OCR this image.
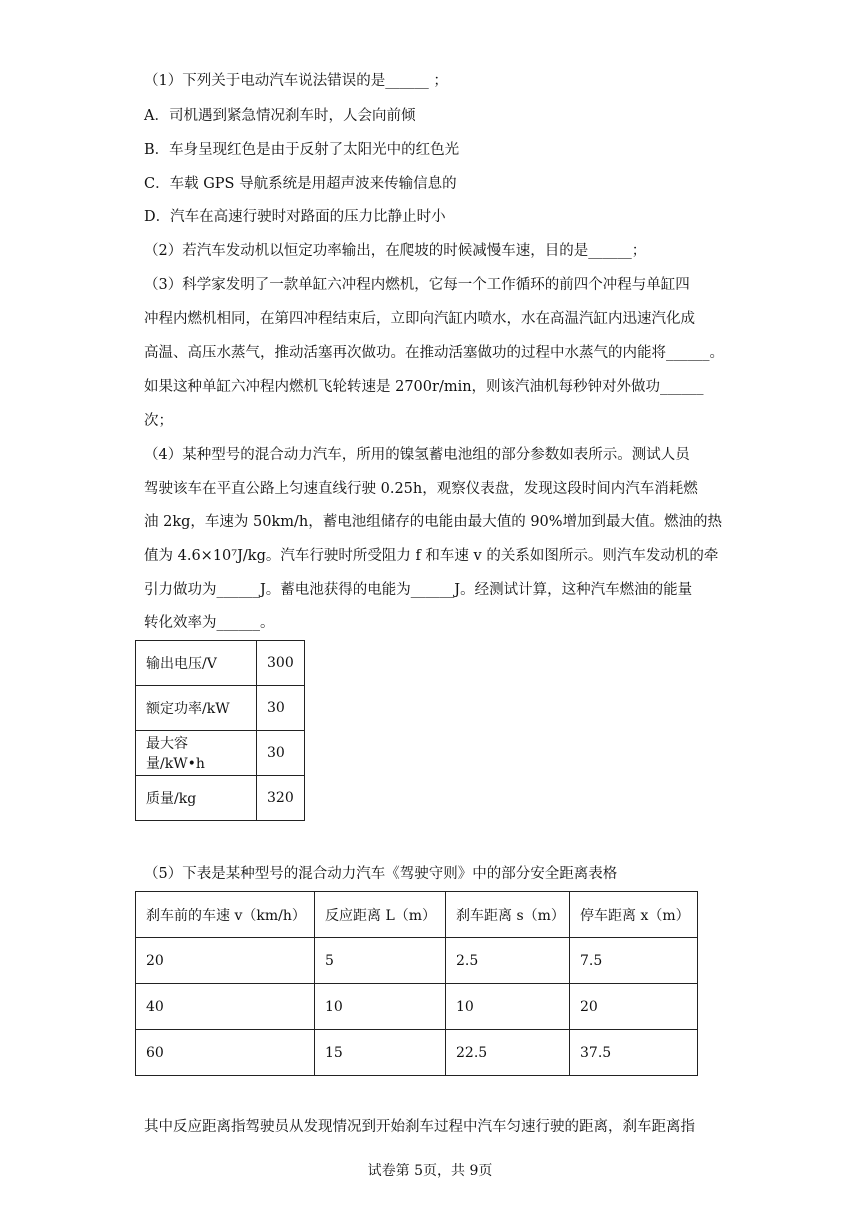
（1）下列关于电动汽车说法错误的是______ ；
A．司机遇到紧急情况刹车时，人会向前倾
B．车身呈现红色是由于反射了太阳光中的红色光
C．车载 GPS 导航系统是用超声波来传输信息的
D．汽车在高速行驶时对路面的压力比静止时小
（2）若汽车发动机以恒定功率输出，在爬坡的时候减慢车速，目的是______；
（3）科学家发明了一款单缸六冲程内燃机，它每一个工作循环的前四个冲程与单缸四
冲程内燃机相同，在第四冲程结束后，立即向汽缸内喷水，水在高温汽缸内迅速汽化成
高温、高压水蒸气，推动活塞再次做功。在推动活塞做功的过程中水蒸气的内能将______。
如果这种单缸六冲程内燃机飞轮转速是 2700r/min，则该汽油机每秒钟对外做功______
次；
（4）某种型号的混合动力汽车，所用的镍氢蓄电池组的部分参数如表所示。测试人员
驾驶该车在平直公路上匀速直线行驶 0.25h，观察仪表盘，发现这段时间内汽车消耗燃
油 2kg，车速为 50km/h，蓄电池组储存的电能由最大值的 90%增加到最大值。燃油的热
值为 4.6×10⁷J/kg。汽车行驶时所受阻力 f 和车速 v 的关系如图所示。则汽车发动机的牵
引力做功为______J。蓄电池获得的电能为______J。经测试计算，这种汽车燃油的能量
转化效率为______。
输出电压/V	300
额定功率/kW	30
最大容量/kW•h	30
质量/kg	320
（5）下表是某种型号的混合动力汽车《驾驶守则》中的部分安全距离表格
刹车前的车速 v（km/h）	反应距离 L（m）	刹车距离 s（m）	停车距离 x（m）
20	5	2.5	7.5
40	10	10	20
60	15	22.5	37.5
其中反应距离指驾驶员从发现情况到开始刹车过程中汽车匀速行驶的距离，刹车距离指
试卷第 5页，共 9页
